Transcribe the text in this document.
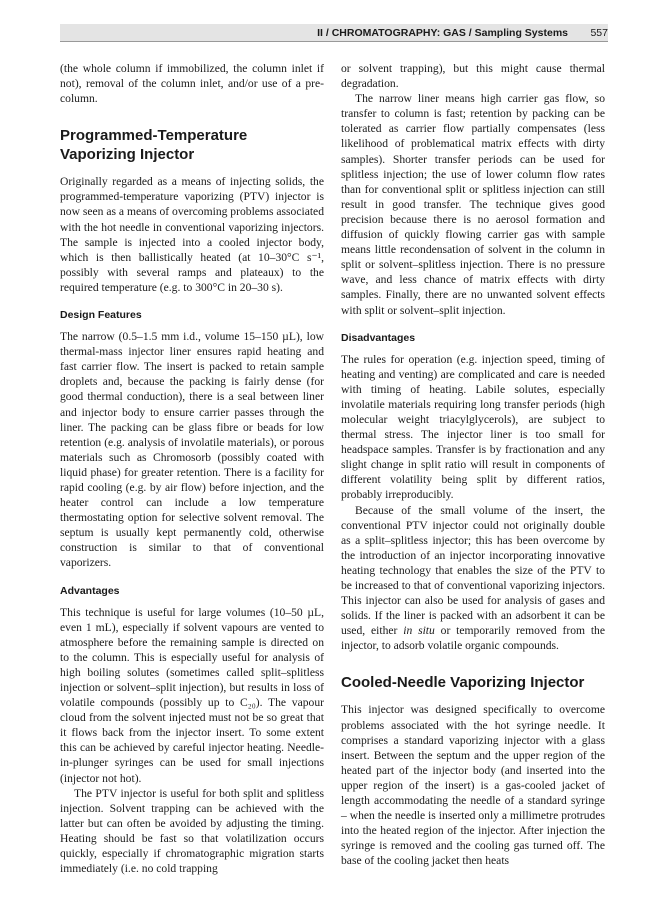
II / CHROMATOGRAPHY: GAS / Sampling Systems 557

(the whole column if immobilized, the column inlet if not), removal of the column inlet, and/or use of a pre-column.

Programmed-Temperature
Vaporizing Injector

Originally regarded as a means of injecting solids, the programmed-temperature vaporizing (PTV) injector is now seen as a means of overcoming problems associated with the hot needle in conventional vaporizing injectors. The sample is injected into a cooled injector body, which is then ballistically heated (at 10–30°C s⁻¹, possibly with several ramps and plateaux) to the required temperature (e.g. to 300°C in 20–30 s).

Design Features

The narrow (0.5–1.5 mm i.d., volume 15–150 µL), low thermal-mass injector liner ensures rapid heating and fast carrier flow. The insert is packed to retain sample droplets and, because the packing is fairly dense (for good thermal conduction), there is a seal between liner and injector body to ensure carrier passes through the liner. The packing can be glass fibre or beads for low retention (e.g. analysis of involatile materials), or porous materials such as Chromosorb (possibly coated with liquid phase) for greater retention. There is a facility for rapid cooling (e.g. by air flow) before injection, and the heater control can include a low temperature thermostating option for selective solvent removal. The septum is usually kept permanently cold, otherwise construction is similar to that of conventional vaporizers.

Advantages

This technique is useful for large volumes (10–50 µL, even 1 mL), especially if solvent vapours are vented to atmosphere before the remaining sample is directed on to the column. This is especially useful for analysis of high boiling solutes (sometimes called split–splitless injection or solvent–split injection), but results in loss of volatile compounds (possibly up to C₂₀). The vapour cloud from the solvent injected must not be so great that it flows back from the injector insert. To some extent this can be achieved by careful injector heating. Needle-in-plunger syringes can be used for small injections (injector not hot).

The PTV injector is useful for both split and splitless injection. Solvent trapping can be achieved with the latter but can often be avoided by adjusting the timing. Heating should be fast so that volatilization occurs quickly, especially if chromatographic migration starts immediately (i.e. no cold trapping

or solvent trapping), but this might cause thermal degradation.

The narrow liner means high carrier gas flow, so transfer to column is fast; retention by packing can be tolerated as carrier flow partially compensates (less likelihood of problematical matrix effects with dirty samples). Shorter transfer periods can be used for splitless injection; the use of lower column flow rates than for conventional split or splitless injection can still result in good transfer. The technique gives good precision because there is no aerosol formation and diffusion of quickly flowing carrier gas with sample means little recondensation of solvent in the column in split or solvent–splitless injection. There is no pressure wave, and less chance of matrix effects with dirty samples. Finally, there are no unwanted solvent effects with split or solvent–split injection.

Disadvantages

The rules for operation (e.g. injection speed, timing of heating and venting) are complicated and care is needed with timing of heating. Labile solutes, especially involatile materials requiring long transfer periods (high molecular weight triacylglycerols), are subject to thermal stress. The injector liner is too small for headspace samples. Transfer is by fractionation and any slight change in split ratio will result in components of different volatility being split by different ratios, probably irreproducibly.

Because of the small volume of the insert, the conventional PTV injector could not originally double as a split–splitless injector; this has been overcome by the introduction of an injector incorporating innovative heating technology that enables the size of the PTV to be increased to that of conventional vaporizing injectors. This injector can also be used for analysis of gases and solids. If the liner is packed with an adsorbent it can be used, either in situ or temporarily removed from the injector, to adsorb volatile organic compounds.

Cooled-Needle Vaporizing Injector

This injector was designed specifically to overcome problems associated with the hot syringe needle. It comprises a standard vaporizing injector with a glass insert. Between the septum and the upper region of the heated part of the injector body (and inserted into the upper region of the insert) is a gas-cooled jacket of length accommodating the needle of a standard syringe – when the needle is inserted only a millimetre protrudes into the heated region of the injector. After injection the syringe is removed and the cooling gas turned off. The base of the cooling jacket then heats
